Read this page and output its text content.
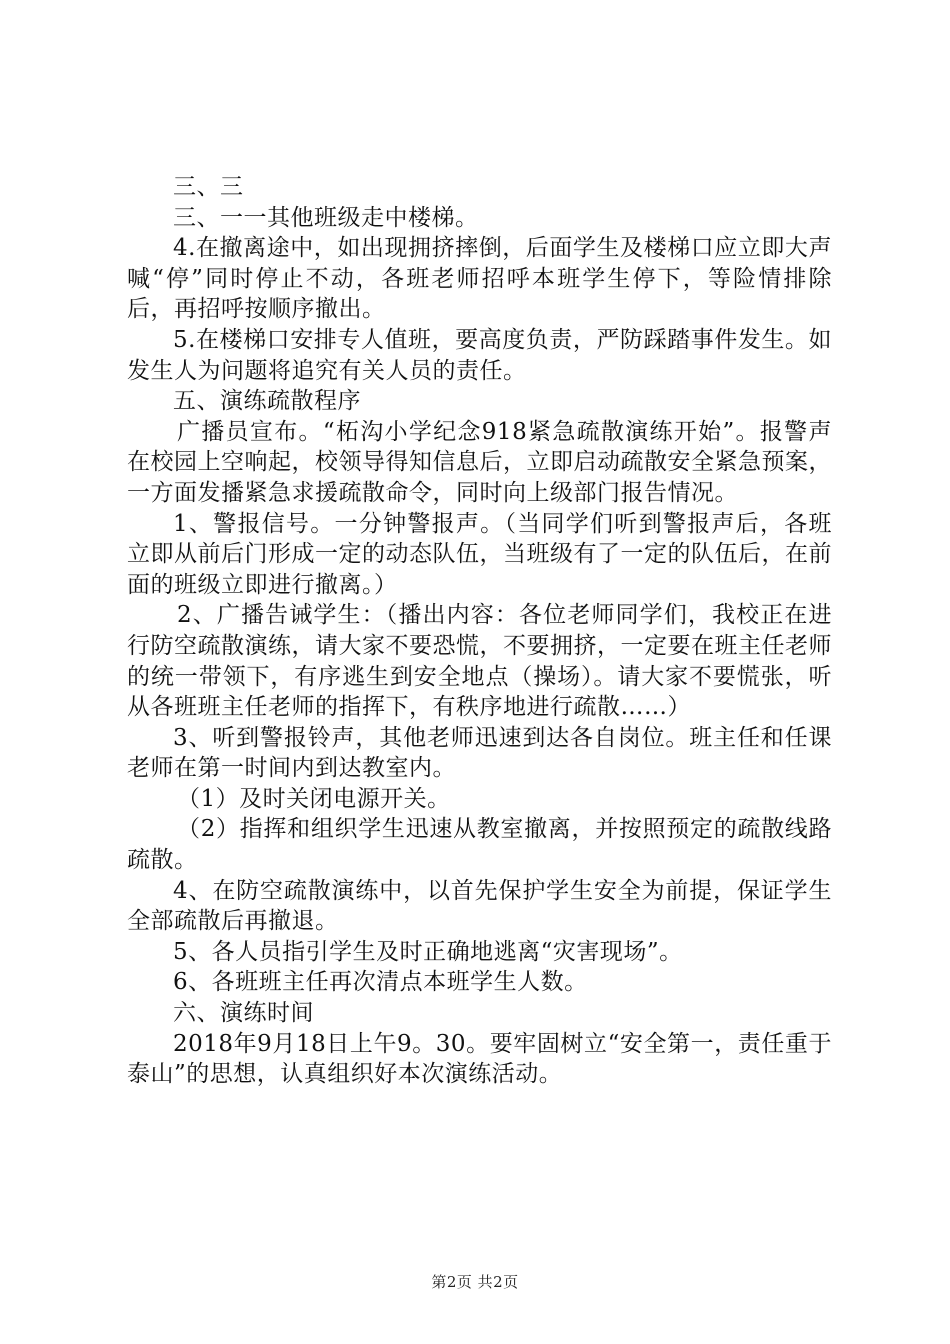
三、三

三、一一其他班级走中楼梯。

4.在撤离途中，如出现拥挤摔倒，后面学生及楼梯口应立即大声喊“停”同时停止不动，各班老师招呼本班学生停下，等险情排除后，再招呼按顺序撤出。

5.在楼梯口安排专人值班，要高度负责，严防踩踏事件发生。如发生人为问题将追究有关人员的责任。

五、演练疏散程序

广播员宣布。“柘沟小学纪念918紧急疏散演练开始”。报警声在校园上空响起，校领导得知信息后，立即启动疏散安全紧急预案，一方面发播紧急求援疏散命令，同时向上级部门报告情况。

1、警报信号。一分钟警报声。（当同学们听到警报声后，各班立即从前后门形成一定的动态队伍，当班级有了一定的队伍后，在前面的班级立即进行撤离。）

2、广播告诫学生：（播出内容：各位老师同学们，我校正在进行防空疏散演练，请大家不要恐慌，不要拥挤，一定要在班主任老师的统一带领下，有序逃生到安全地点（操场）。请大家不要慌张，听从各班班主任老师的指挥下，有秩序地进行疏散……）

3、听到警报铃声，其他老师迅速到达各自岗位。班主任和任课老师在第一时间内到达教室内。

（1）及时关闭电源开关。

（2）指挥和组织学生迅速从教室撤离，并按照预定的疏散线路疏散。

4、在防空疏散演练中，以首先保护学生安全为前提，保证学生全部疏散后再撤退。

5、各人员指引学生及时正确地逃离“灾害现场”。

6、各班班主任再次清点本班学生人数。

六、演练时间

2018年9月18日上午9。30。要牢固树立“安全第一，责任重于泰山”的思想，认真组织好本次演练活动。

第2页 共2页
